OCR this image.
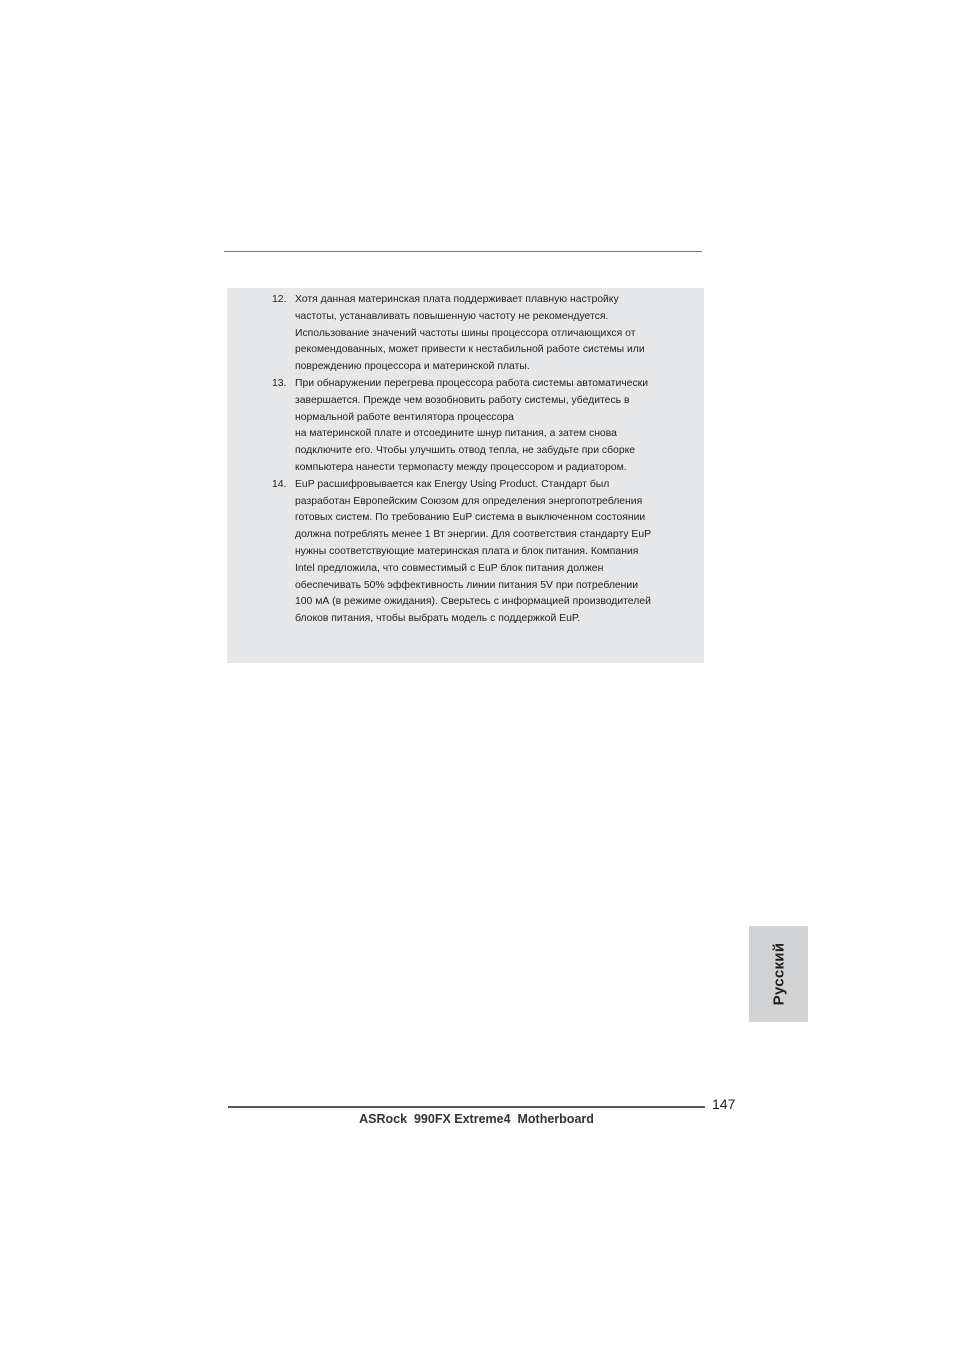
12. Хотя данная материнская плата поддерживает плавную настройку
частоты, устанавливать повышенную частоту не рекомендуется.
Использование значений частоты шины процессора отличающихся от
рекомендованных, может привести к нестабильной работе системы или
повреждению процессора и материнской платы.
13. При обнаружении перегрева процессора работа системы автоматически
завершается. Прежде чем возобновить работу системы, убедитесь в
нормальной работе вентилятора процессора
на материнской плате и отсоедините шнур питания, а затем снова
подключите его. Чтобы улучшить отвод тепла, не забудьте при сборке
компьютера нанести термопасту между процессором и радиатором.
14. EuP расшифровывается как Energy Using Product. Стандарт был
разработан Европейским Союзом для определения энергопотребления
готовых систем. По требованию EuP система в выключенном состоянии
должна потреблять менее 1 Вт энергии. Для соответствия стандарту EuP
нужны соответствующие материнская плата и блок питания. Компания
Intel предложила, что совместимый с EuP блок питания должен
обеспечивать 50% эффективность линии питания 5V при потреблении
100 мА (в режиме ожидания). Сверьтесь с информацией производителей
блоков питания, чтобы выбрать модель с поддержкой EuP.
Русский
147
ASRock  990FX Extreme4  Motherboard
